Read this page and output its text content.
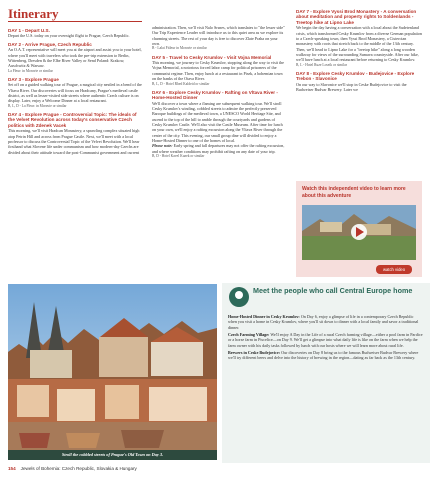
Itinerary
DAY 1 - Depart U.S.

Depart the U.S. today on your overnight flight to Prague, Czech Republic.

DAY 2 - Arrive Prague, Czech Republic

An O.A.T. representative will meet you at the airport and assist you to your hotel, where you'll meet with travelers who took the pre-trip extension to Berlin, Wittenberg, Dresden & the Elbe River Valley or Send Poland: Krakow, Auschwitz & Warsaw.

La Fleur: in Moravie or similar

DAY 3 - Explore Prague

Set off on a guided walking tour of Prague, a magical city nestled in a bend of the Vltava River. Our discoveries will focus on Hradcany, Prague's medieval castle district, as well as lesser-visited side streets where authentic Czech culture is on display. Later, enjoy a Welcome Dinner at a local restaurant.

B, L, D - La Fleur: in Moravie or similar

DAY 4 - Explore Prague - Controversial Topic: The ideals of the Velvet Revolution across today's conservative Czech politics with Zdenek Vacek

This morning, we'll visit Hradcan Monastery, a sprawling complex situated high atop Petrin Hill and across from Prague Castle. Next, we'll meet with a local professor to discuss the Controversial Topic of the Velvet Revolution. We'll hear firsthand what Slovene life under communism and how modern-day Czechs are divided about their attitude toward the post-Communist government and current

administration. Then, we'll visit Nalo Srsnes, which translates to "the lesser side" Our Trip Experience Leader will introduce us to this quiet area as we explore its charming streets. The rest of your day is free to discover Zlate Praha on your own.

B - Lalai Fitleur in Moravie or similar

DAY 5 - Travel to Cesky Krumlov - Visit Vojna Memorial

This morning, we journey to Cesky Krumlov, stopping along the way to visit the Vojna Memorial, a notorious forced labor camp for political prisoners of the communist regime. Then, enjoy lunch at a restaurant in Pisek, a bohemian town on the banks of the Otava River.

B, L, D - Hotel Rhed Kaldeid or similar

DAY 6 - Explore Cesky Krumlov - Rafting on Vltava River - Home-Hosted Dinner

We'll discover a town where a flaming are subsequent walking tour. We'll stroll Cesky Krumlov's winding, cobbled streets to admire the perfectly preserved Baroque buildings of the medieval town, a UNESCO World Heritage Site, and ascend to the top of the hill to amble through the courtyards and gardens of Cesky Krumlov Castle. We'll also visit the Castle Museum. After time for lunch on your own, we'll enjoy a rafting excursion along the Vltava River through the center of the city. This evening, our small group dine will divided to enjoy a Home-Hosted Dinner to one of the homes of local.

Please note: Early spring and fall departures may not offer the rafting excursion, and where weather conditions may prohibit rafting on any date of your trip.

B, D - Hotel Kavel Kuzek or similar

DAY 7 - Explore Vyssi Brod Monastery - A conversation about meditation and property rights to Soldenlands - Treetop hike at Lipno Lake

We begin the day having a conversation with a local about the Sudetenland crisis, which transformed Cesky Krumlov from a diverse German population to a Czech-speaking town, then Vyssi Brod Monastery, a Cistercian monastery with roots that stretch back to the middle of the 13th century. Then, we'll head to Lipno Lake for a "treetop hike" along a long wooden walkway for views of the surrounding Sumava countryside. After our hike, we'll have lunch at a local restaurant before returning to Cesky Krumlov.

B, L - Hotel Ruze Loseik or similar

DAY 8 - Explore Cesky Krumlov - Budejovice - Explore Trebon - Slavonice

On our way to Slavonice we'll stop in Ceske Budejovice to visit the Budweiser Budvar Brewery. Later we

Watch this independent video to learn more about this adventure
watch video
Stroll the cobbled streets of Prague's Old Town on Day 3.
Meet the people who call Central Europe home

Home-Hosted Dinner in Cesky Krumlov: On Day 6, enjoy a glimpse of life in a contemporary Czech Republic when you visit a home in Cesky Krumlov, where you'll sit down to dinner with a local family and savor a traditional dinner.

Czech Farming Village: We'll enjoy A Day in the Life of a rural Czech farming village—either a pool farm in Pardice or a horse farm in Piscelice—on Day 9. We'll get a glimpse into what daily life is like on the farm when we help the farm owner with his daily tasks followed by lunch with our hosts where we will learn more about rural life.

Brewers in Ceske Budejovice: Our discoveries on Day 8 bring us to the famous Budweiser Budvar Brewery where we'll try different beers and delve into the history of brewing in the region—dating as far back as the 13th century.

154 Jewels of Bohemia: Czech Republic, Slovakia & Hungary
